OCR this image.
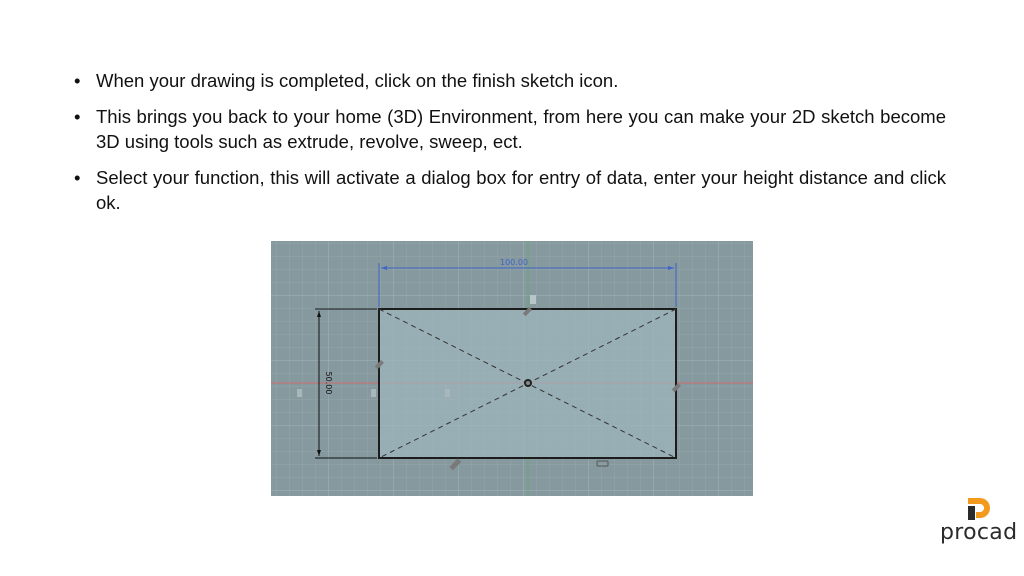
• When your drawing is completed, click on the finish sketch icon.
• This brings you back to your home (3D) Environment, from here you can make your 2D sketch become 3D using tools such as extrude, revolve, sweep, ect.
• Select your function, this will activate a dialog box for entry of data, enter your height distance and click ok.
100.00
50.00
procad
